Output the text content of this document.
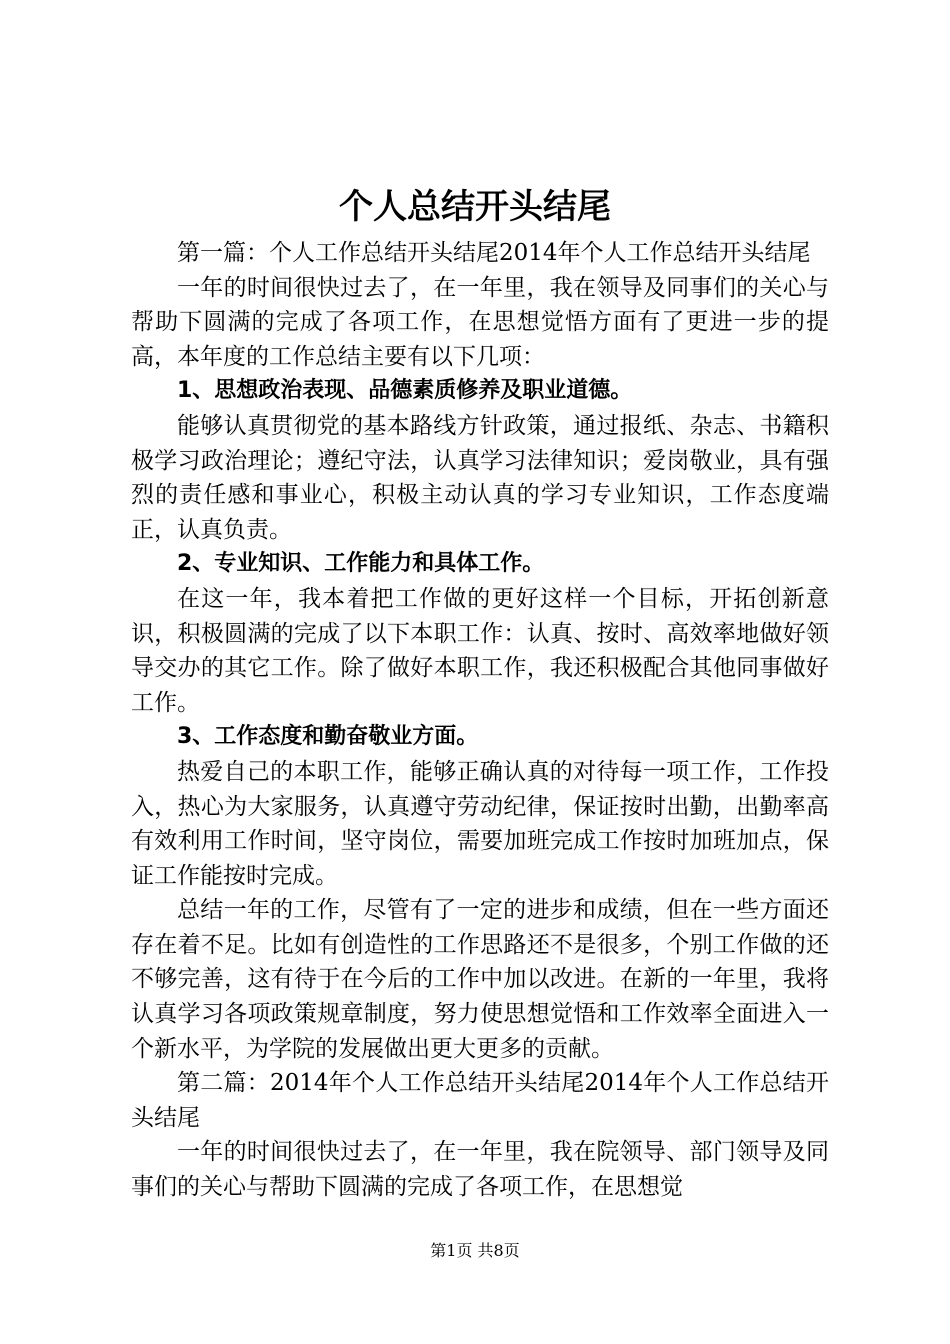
个人总结开头结尾

第一篇：个人工作总结开头结尾2014年个人工作总结开头结尾

一年的时间很快过去了，在一年里，我在领导及同事们的关心与帮助下圆满的完成了各项工作，在思想觉悟方面有了更进一步的提高，本年度的工作总结主要有以下几项：

1、思想政治表现、品德素质修养及职业道德。

能够认真贯彻党的基本路线方针政策，通过报纸、杂志、书籍积极学习政治理论；遵纪守法，认真学习法律知识；爱岗敬业，具有强烈的责任感和事业心，积极主动认真的学习专业知识，工作态度端正，认真负责。

2、专业知识、工作能力和具体工作。

在这一年，我本着把工作做的更好这样一个目标，开拓创新意识，积极圆满的完成了以下本职工作：认真、按时、高效率地做好领导交办的其它工作。除了做好本职工作，我还积极配合其他同事做好工作。

3、工作态度和勤奋敬业方面。

热爱自己的本职工作，能够正确认真的对待每一项工作，工作投入，热心为大家服务，认真遵守劳动纪律，保证按时出勤，出勤率高有效利用工作时间，坚守岗位，需要加班完成工作按时加班加点，保证工作能按时完成。

总结一年的工作，尽管有了一定的进步和成绩，但在一些方面还存在着不足。比如有创造性的工作思路还不是很多，个别工作做的还不够完善，这有待于在今后的工作中加以改进。在新的一年里，我将认真学习各项政策规章制度，努力使思想觉悟和工作效率全面进入一个新水平，为学院的发展做出更大更多的贡献。

第二篇：2014年个人工作总结开头结尾2014年个人工作总结开头结尾

一年的时间很快过去了，在一年里，我在院领导、部门领导及同事们的关心与帮助下圆满的完成了各项工作，在思想觉

第1页 共8页
